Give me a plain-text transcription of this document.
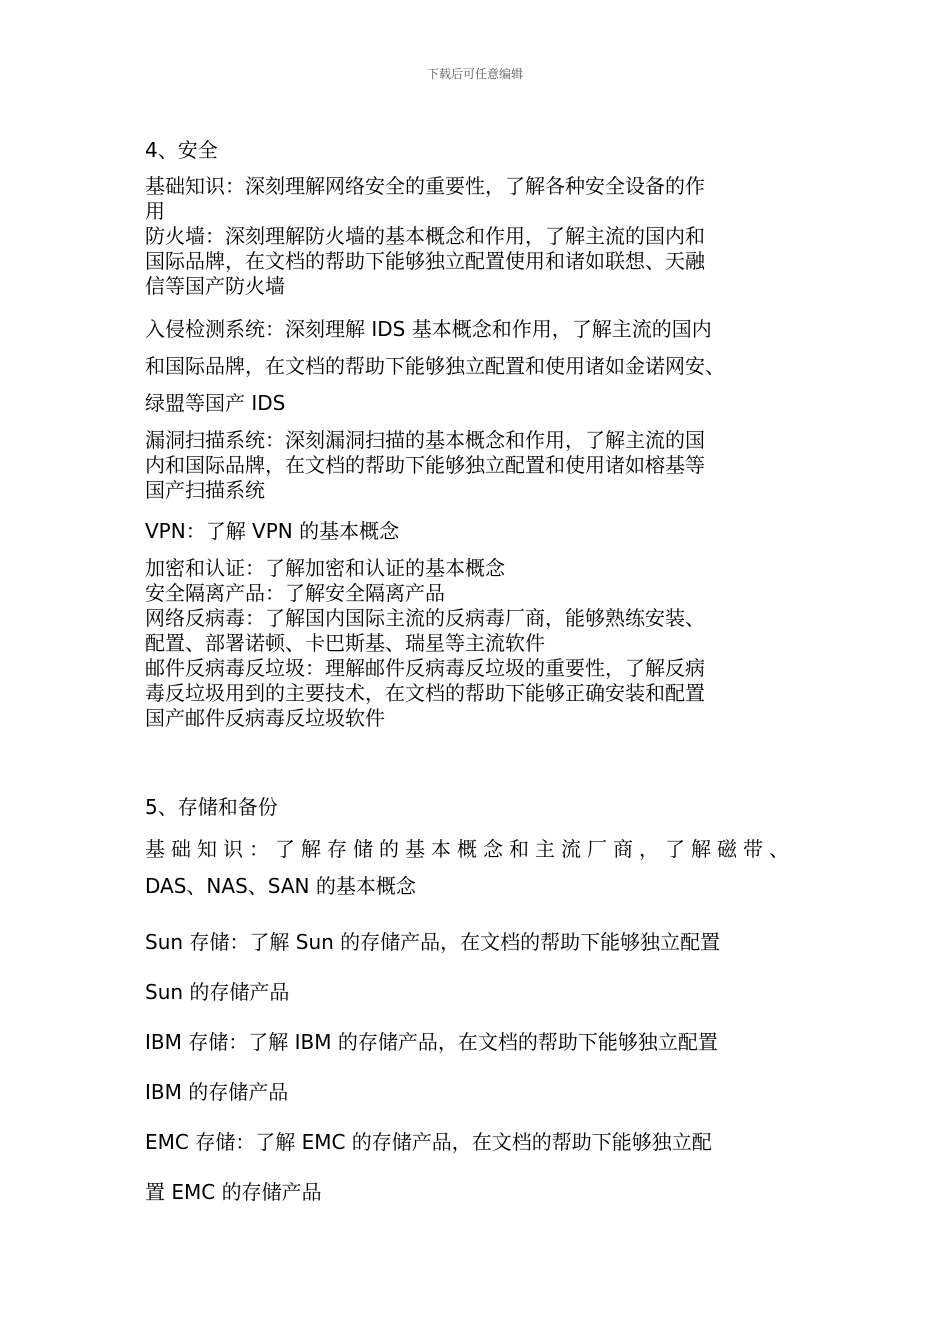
下载后可任意编辑
4、安全
基础知识：深刻理解网络安全的重要性，了解各种安全设备的作
用
防火墙：深刻理解防火墙的基本概念和作用，了解主流的国内和
国际品牌，在文档的帮助下能够独立配置使用和诸如联想、天融
信等国产防火墙
入侵检测系统：深刻理解 IDS 基本概念和作用，了解主流的国内
和国际品牌，在文档的帮助下能够独立配置和使用诸如金诺网安、
绿盟等国产 IDS
漏洞扫描系统：深刻漏洞扫描的基本概念和作用，了解主流的国
内和国际品牌，在文档的帮助下能够独立配置和使用诸如榕基等
国产扫描系统
VPN：了解 VPN 的基本概念
加密和认证：了解加密和认证的基本概念
安全隔离产品：了解安全隔离产品
网络反病毒：了解国内国际主流的反病毒厂商，能够熟练安装、
配置、部署诺顿、卡巴斯基、瑞星等主流软件
邮件反病毒反垃圾：理解邮件反病毒反垃圾的重要性，了解反病
毒反垃圾用到的主要技术，在文档的帮助下能够正确安装和配置
国产邮件反病毒反垃圾软件
5、存储和备份
基础知识：了解存储的基本概念和主流厂商，了解磁带、
DAS、NAS、SAN 的基本概念
Sun 存储：了解 Sun 的存储产品，在文档的帮助下能够独立配置
Sun 的存储产品
IBM 存储：了解 IBM 的存储产品，在文档的帮助下能够独立配置
IBM 的存储产品
EMC 存储：了解 EMC 的存储产品，在文档的帮助下能够独立配
置 EMC 的存储产品
